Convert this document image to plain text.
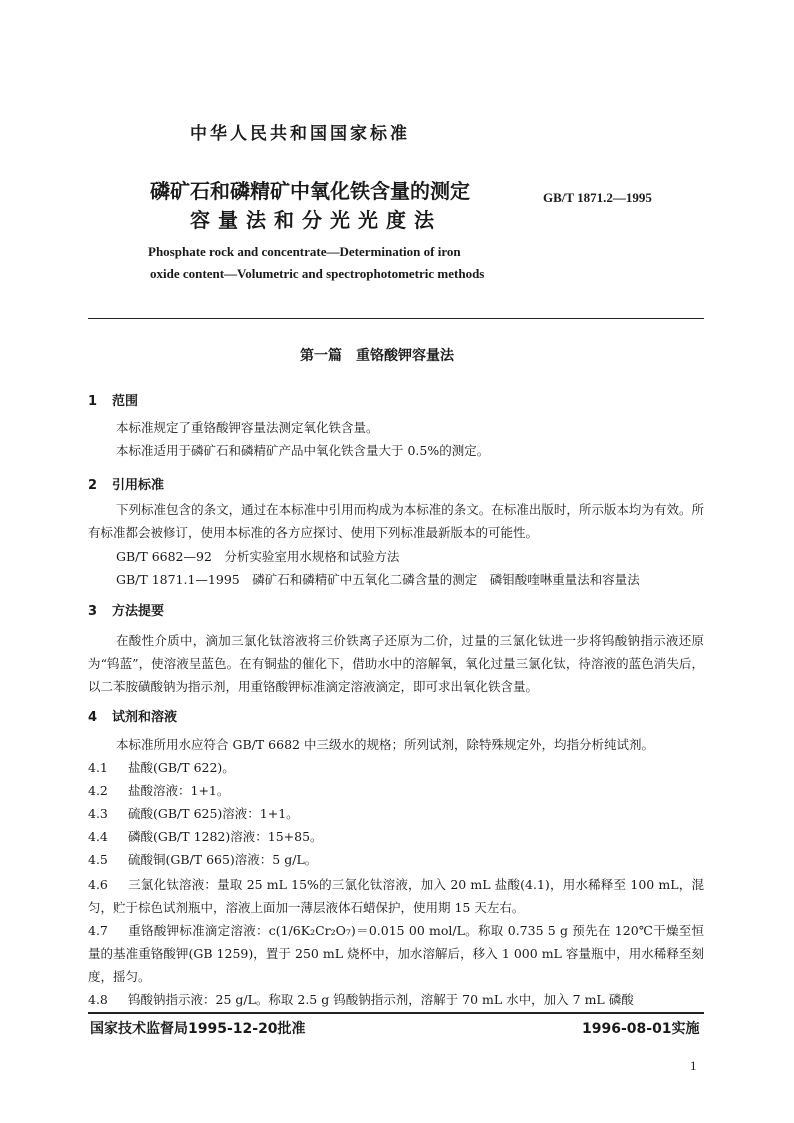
中华人民共和国国家标准
磷矿石和磷精矿中氧化铁含量的测定
容量法和分光光度法
GB/T 1871.2—1995
Phosphate rock and concentrate—Determination of iron
oxide content—Volumetric and spectrophotometric methods
第一篇　重铬酸钾容量法
1 范围
本标准规定了重铬酸钾容量法测定氧化铁含量。
本标准适用于磷矿石和磷精矿产品中氧化铁含量大于 0.5%的测定。
2 引用标准
下列标准包含的条文，通过在本标准中引用而构成为本标准的条文。在标准出版时，所示版本均为有效。所有标准都会被修订，使用本标准的各方应探讨、使用下列标准最新版本的可能性。
GB/T 6682—92　分析实验室用水规格和试验方法
GB/T 1871.1—1995　磷矿石和磷精矿中五氧化二磷含量的测定　磷钼酸喹啉重量法和容量法
3 方法提要
在酸性介质中，滴加三氯化钛溶液将三价铁离子还原为二价，过量的三氯化钛进一步将钨酸钠指示液还原为“钨蓝”，使溶液呈蓝色。在有铜盐的催化下，借助水中的溶解氧，氧化过量三氯化钛，待溶液的蓝色消失后，以二苯胺磺酸钠为指示剂，用重铬酸钾标准滴定溶液滴定，即可求出氧化铁含量。
4 试剂和溶液
本标准所用水应符合 GB/T 6682 中三级水的规格；所列试剂，除特殊规定外，均指分析纯试剂。
4.1 盐酸(GB/T 622)。
4.2 盐酸溶液：1+1。
4.3 硫酸(GB/T 625)溶液：1+1。
4.4 磷酸(GB/T 1282)溶液：15+85。
4.5 硫酸铜(GB/T 665)溶液：5 g/L。
4.6 三氯化钛溶液：量取 25 mL 15%的三氯化钛溶液，加入 20 mL 盐酸(4.1)，用水稀释至 100 mL，混匀，贮于棕色试剂瓶中，溶液上面加一薄层液体石蜡保护，使用期 15 天左右。
4.7 重铬酸钾标准滴定溶液：c(1/6K₂Cr₂O₇)＝0.015 00 mol/L。称取 0.735 5 g 预先在 120℃干燥至恒量的基准重铬酸钾(GB 1259)，置于 250 mL 烧杯中，加水溶解后，移入 1 000 mL 容量瓶中，用水稀释至刻度，摇匀。
4.8 钨酸钠指示液：25 g/L。称取 2.5 g 钨酸钠指示剂，溶解于 70 mL 水中，加入 7 mL 磷酸
国家技术监督局1995-12-20批准	1996-08-01实施
1
